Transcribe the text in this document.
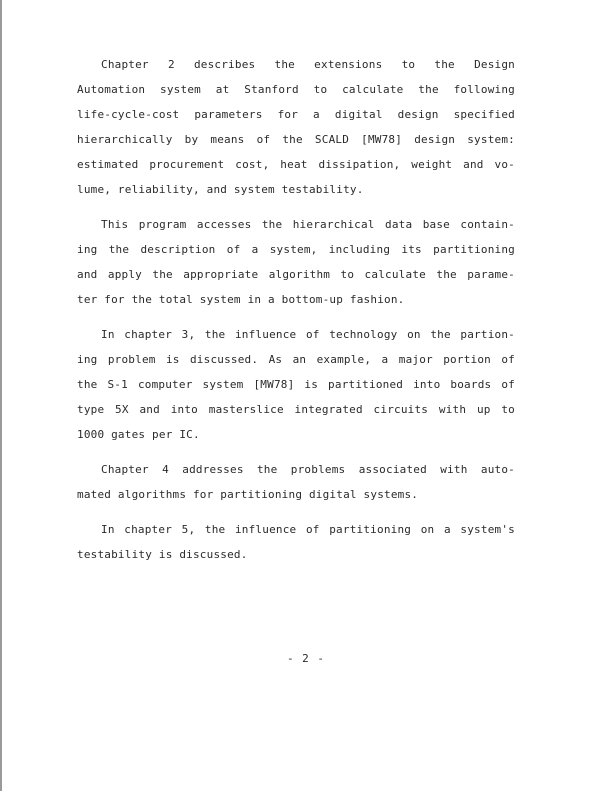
Chapter 2 describes the extensions to the Design
Automation system at Stanford to calculate the following
life-cycle-cost parameters for a digital design specified
hierarchically by means of the SCALD [MW78] design system:
estimated procurement cost, heat dissipation, weight and vo-
lume, reliability, and system testability.
This program accesses the hierarchical data base contain-
ing the description of a system, including its partitioning
and apply the appropriate algorithm to calculate the parame-
ter for the total system in a bottom-up fashion.
In chapter 3, the influence of technology on the partion-
ing problem is discussed. As an example, a major portion of
the S-1 computer system [MW78] is partitioned into boards of
type 5X and into masterslice integrated circuits with up to
1000 gates per IC.
Chapter 4 addresses the problems associated with auto-
mated algorithms for partitioning digital systems.
In chapter 5, the influence of partitioning on a system's
testability is discussed.
- 2 -
